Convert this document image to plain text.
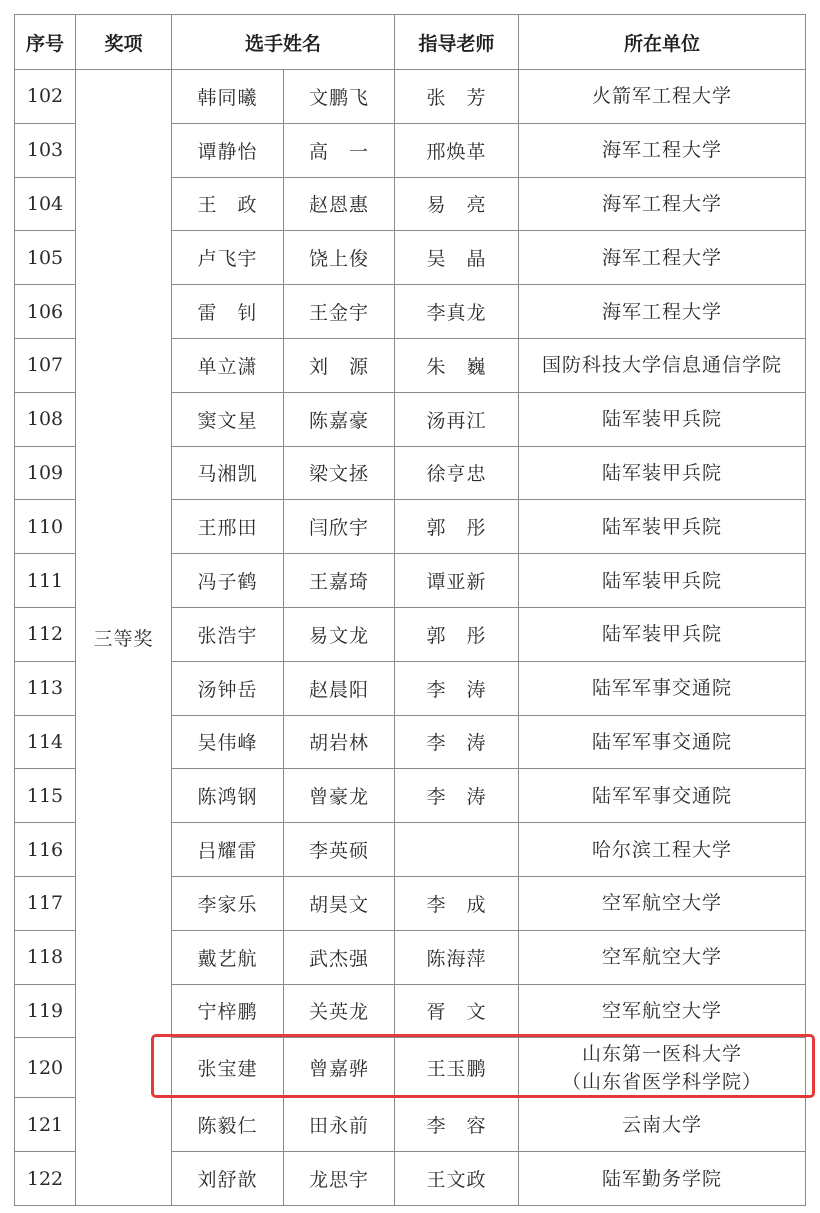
序号	奖项	选手姓名		指导老师	所在单位
102	三等奖	韩同曦	文鹏飞	张　芳	火箭军工程大学

103		谭静怡	高　一	邢焕革	海军工程大学

104		王　政	赵恩惠	易　亮	海军工程大学

105		卢飞宇	饶上俊	吴　晶	海军工程大学

106		雷　钊	王金宇	李真龙	海军工程大学

107		单立潇	刘　源	朱　巍	国防科技大学信息通信学院

108		窦文星	陈嘉豪	汤再江	陆军装甲兵院

109		马湘凯	梁文拯	徐亨忠	陆军装甲兵院

110		王邢田	闫欣宇	郭　彤	陆军装甲兵院

111		冯子鹤	王嘉琦	谭亚新	陆军装甲兵院

112		张浩宇	易文龙	郭　彤	陆军装甲兵院

113		汤钟岳	赵晨阳	李　涛	陆军军事交通院

114		吴伟峰	胡岩林	李　涛	陆军军事交通院

115		陈鸿钢	曾豪龙	李　涛	陆军军事交通院

116		吕耀雷	李英硕		哈尔滨工程大学

117		李家乐	胡昊文	李　成	空军航空大学

118		戴艺航	武杰强	陈海萍	空军航空大学

119		宁梓鹏	关英龙	胥　文	空军航空大学

120		张宝建	曾嘉骅	王玉鹏	山东第一医科大学
（山东省医学科学院）

121		陈毅仁	田永前	李　容	云南大学

122		刘舒歆	龙思宇	王文政	陆军勤务学院
